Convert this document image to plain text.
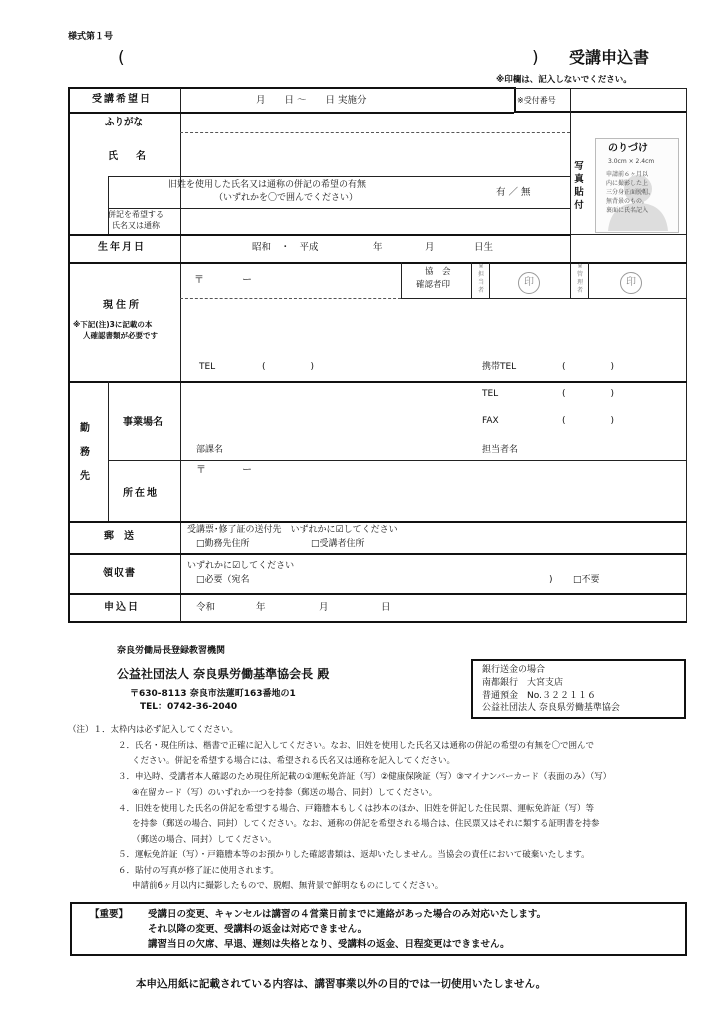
様式第１号
(	) 受講申込書
※印欄は、記入しないでください。
受講希望日	月　　日 ～　　日 実施分	※受付番号
ふりがな
氏　名
旧姓を使用した氏名又は通称の併記の希望の有無
（いずれかを〇で囲んでください）	有 ／ 無
併記を希望する
氏名又は通称
写
真
貼
付
のりづけ
3.0cm × 2.4cm
申請前６ヶ月以
内に撮影した上
三分身正面脱帽、
無背景のもの。
裏面に氏名記入
生年月日	昭和　・　平成	年	月	日生
現住所
※下記(注)3に記載の本
人確認書類が必要です
〒	ー
協　会
確認者印
※
担
当
者
印
※
管
理
者
印
TEL	(　　　　　)	携帯TEL	(　　　　　)
勤
務
先
事業場名
部課名
TEL	(　　　　　)
FAX	(　　　　　)
担当者名
所在地
〒	ー
郵　送
受講票･修了証の送付先　いずれかに☑してください
□勤務先住所	□受講者住所
領収書
いずれかに☑してください
□必要（宛名	) □不要
申込日	令和	年	月	日
奈良労働局長登録教習機関
公益社団法人 奈良県労働基準協会長 殿
〒630-8113 奈良市法蓮町163番地の1
TEL：0742-36-2040
銀行送金の場合
南都銀行　大宮支店
普通預金　No.３２２１１６
公益社団法人 奈良県労働基準協会
（注）１．太枠内は必ず記入してください。
２．氏名・現住所は、楷書で正確に記入してください。なお、旧姓を使用した氏名又は通称の併記の希望の有無を〇で囲んで
ください。併記を希望する場合には、希望される氏名又は通称を記入してください。
３．申込時、受講者本人確認のため現住所記載の①運転免許証（写）②健康保険証（写）③マイナンバーカード（表面のみ）（写）
④在留カード（写）のいずれか一つを持参（郵送の場合、同封）してください。
４．旧姓を使用した氏名の併記を希望する場合、戸籍謄本もしくは抄本のほか、旧姓を併記した住民票、運転免許証（写）等
を持参（郵送の場合、同封）してください。なお、通称の併記を希望される場合は、住民票又はそれに類する証明書を持参
（郵送の場合、同封）してください。
５．運転免許証（写）・戸籍謄本等のお預かりした確認書類は、返却いたしません。当協会の責任において破棄いたします。
６．貼付の写真が修了証に使用されます。
申請前6ヶ月以内に撮影したもので、脱帽、無背景で鮮明なものにしてください。
【重要】 受講日の変更、キャンセルは講習の４営業日前までに連絡があった場合のみ対応いたします。
それ以降の変更、受講料の返金は対応できません。
講習当日の欠席、早退、遅刻は失格となり、受講料の返金、日程変更はできません。
本申込用紙に記載されている内容は、講習事業以外の目的では一切使用いたしません。
